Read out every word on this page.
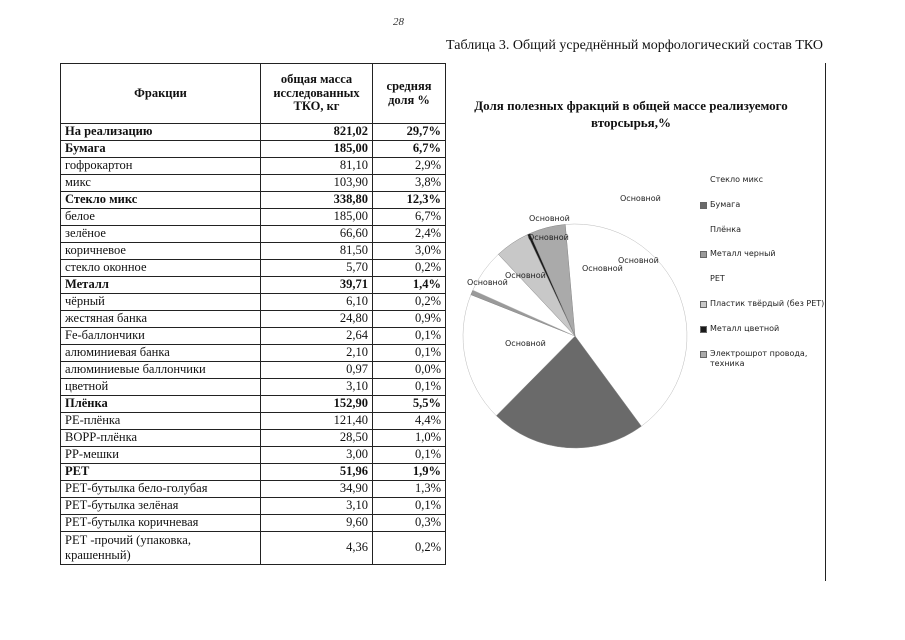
28
Таблица 3. Общий усреднённый морфологический состав ТКО
Фракции	общая масса исследованных ТКО, кг	средняя доля %
На реализацию	821,02	29,7%
Бумага	185,00	6,7%
гофрокартон	81,10	2,9%
микс	103,90	3,8%
Стекло микс	338,80	12,3%
белое	185,00	6,7%
зелёное	66,60	2,4%
коричневое	81,50	3,0%
стекло оконное	5,70	0,2%
Металл	39,71	1,4%
чёрный	6,10	0,2%
жестяная банка	24,80	0,9%
Fe-баллончики	2,64	0,1%
алюминиевая банка	2,10	0,1%
алюминиевые баллончики	0,97	0,0%
цветной	3,10	0,1%
Плёнка	152,90	5,5%
РЕ-плёнка	121,40	4,4%
ВОРР-плёнка	28,50	1,0%
РР-мешки	3,00	0,1%
РЕТ	51,96	1,9%
РЕТ-бутылка бело-голубая	34,90	1,3%
РЕТ-бутылка зелёная	3,10	0,1%
РЕТ-бутылка коричневая	9,60	0,3%
РЕТ -прочий (упаковка, крашенный)	4,36	0,2%
Доля полезных фракций в общей массе реализуемого
вторсырья,%
Основной
Основной
Основной
Основной
Основной
Основной
Основной
Основной
Стекло микс
Бумага
Плёнка
Металл черный
РЕТ
Пластик твёрдый (без РЕТ)
Металл цветной
Электрошрот провода, техника
